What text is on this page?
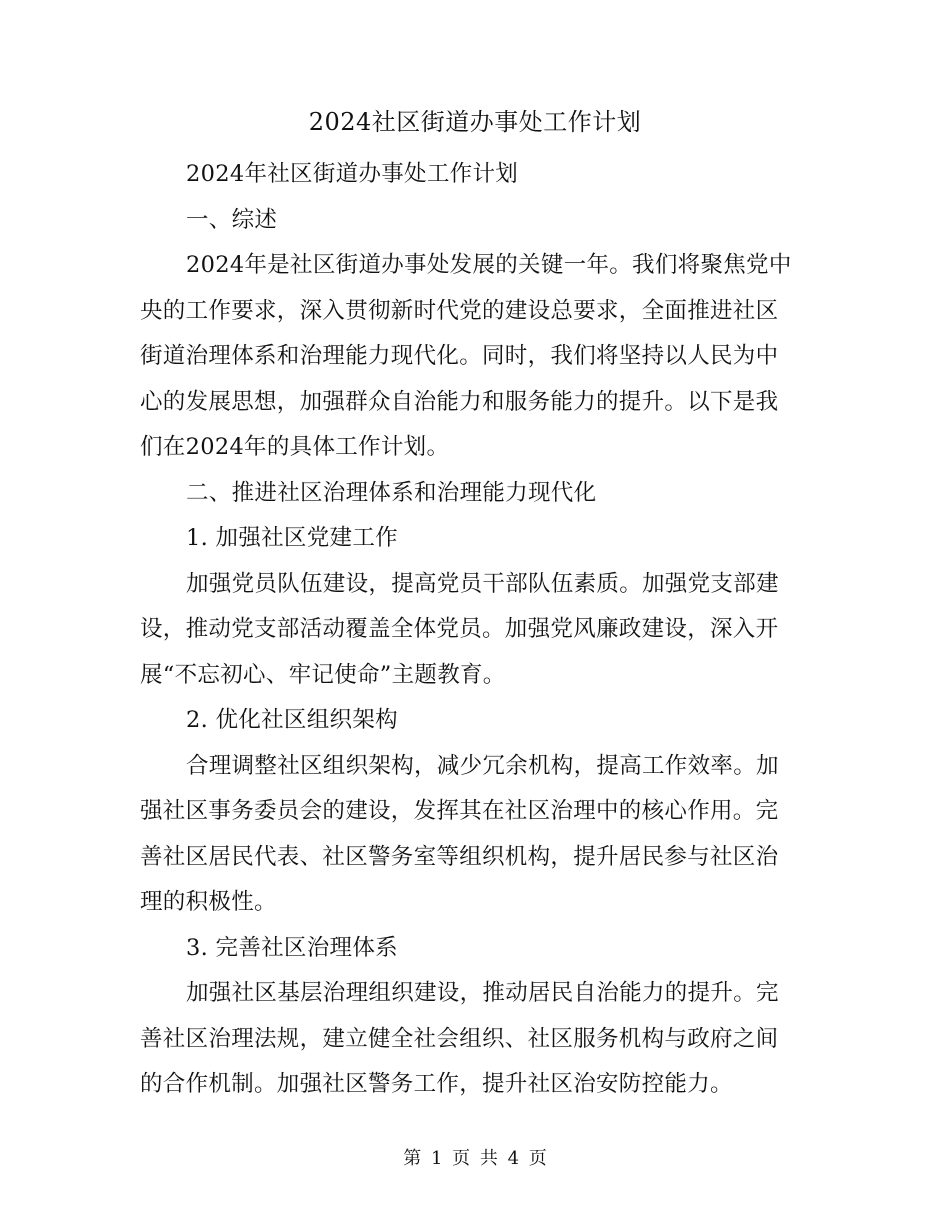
2024社区街道办事处工作计划
2024年社区街道办事处工作计划
一、综述
2024年是社区街道办事处发展的关键一年。我们将聚焦党中
央的工作要求，深入贯彻新时代党的建设总要求，全面推进社区
街道治理体系和治理能力现代化。同时，我们将坚持以人民为中
心的发展思想，加强群众自治能力和服务能力的提升。以下是我
们在2024年的具体工作计划。
二、推进社区治理体系和治理能力现代化
1. 加强社区党建工作
加强党员队伍建设，提高党员干部队伍素质。加强党支部建
设，推动党支部活动覆盖全体党员。加强党风廉政建设，深入开
展“不忘初心、牢记使命”主题教育。
2. 优化社区组织架构
合理调整社区组织架构，减少冗余机构，提高工作效率。加
强社区事务委员会的建设，发挥其在社区治理中的核心作用。完
善社区居民代表、社区警务室等组织机构，提升居民参与社区治
理的积极性。
3. 完善社区治理体系
加强社区基层治理组织建设，推动居民自治能力的提升。完
善社区治理法规，建立健全社会组织、社区服务机构与政府之间
的合作机制。加强社区警务工作，提升社区治安防控能力。
第 1 页 共 4 页
